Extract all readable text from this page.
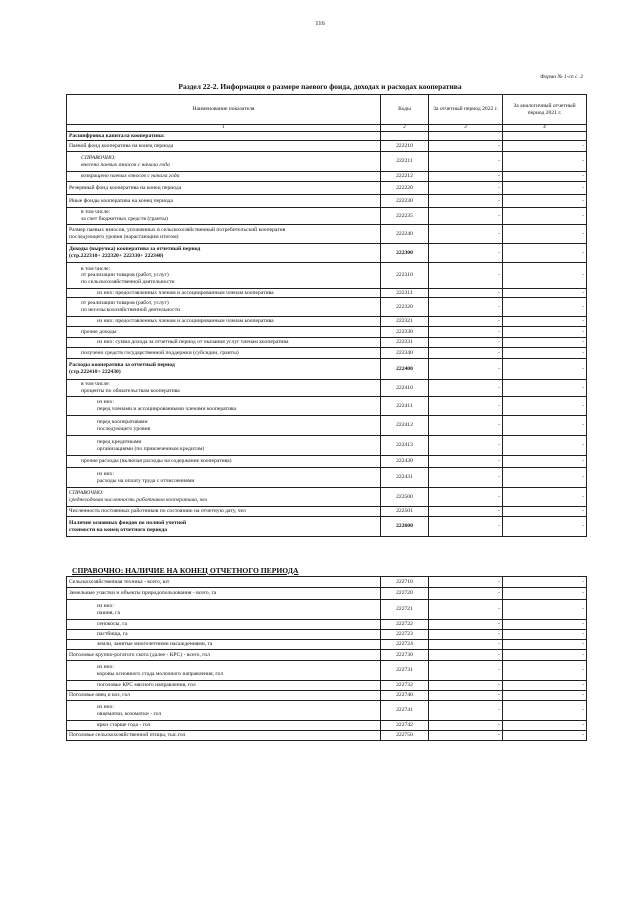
116
Форма № 1-сп с. 2
Раздел 22-2. Информация о размере паевого фонда, доходах и расходах кооператива
Наименование показателя	Коды	За отчетный период 2022 г.	За аналогичный отчетный период 2021 г.
1	2	3	4
Расшифровка капитала кооператива:			
Паевой фонд кооператива на конец периода	222210	-	-

СПРАВОЧНО:
внесено паевых взносов с начала года	222211	-	-
возвращено паевых взносов с начала года	222212	-	-
Резервный фонд кооператива на конец периода	222220	-	-
Иные фонды кооператива на конец периода	222230	-	-

в том числе:
за счет бюджетных средств (гранты)	222235	-	-

Размер паевых взносов, уплаченных в сельскохозяйственный потребительский кооператив
последующего уровня (нарастающим итогом)	222240	-	-

Доходы (выручка) кооператива за отчетный период
(стр.222310+ 222320+ 222330+ 222340)	222300	-	-

в том числе:
от реализации товаров (работ, услуг)
по сельскохозяйственной деятельности	222310	-	-
из них: предоставленных членам и ассоциированным членам кооператива	222311	-	-

от реализации товаров (работ, услуг)
по несельскохозяйственной деятельности	222320	-	-
из них: предоставленных членам и ассоциированным членам кооператива	222321	-	-
прочие доходы	222330	-	-
из них: сумма дохода за отчетный период от оказания услуг членам кооператива	222331	-	-
получено средств государственной поддержки (субсидии, гранты)	222340	-	-

Расходы кооператива за отчетный период
(стр.222410+ 222430)	222400	-	-

в том числе:
проценты по обязательствам кооператива	222410	-	-

из них:
перед членами и ассоциированными членами кооператива	222411	-	-

перед кооперативами
последующего уровня	222412	-	-

перед кредитными
организациями (по привлеченным кредитам)	222413	-	-
прочие расходы (включая расходы на содержание кооператива)	222430	-	-

из них:
расходы на оплату труда с отчислениями	222431	-	-

СПРАВОЧНО:
среднегодовая численность работников кооператива, чел	222500	-	-
Численность постоянных работников по состоянию на отчетную дату, чел	222501	-	-

Наличие основных фондов по полной учетной
стоимости на конец отчетного периода	222600	-	-
СПРАВОЧНО: НАЛИЧИЕ НА КОНЕЦ ОТЧЕТНОГО ПЕРИОДА
Сельскохозяйственная техника - всего, шт	222710	-	-
Земельные участки и объекты природопользования - всего, га	222720	-	-

из них:
пашня, га	222721	-	-
сенокосы, га	222722	-	-
пастбища, га	222723	-	-
земли, занятые многолетними насаждениями, га	222724	-	-
Поголовье крупно-рогатого скота (далее - КРС) - всего, гол	222730	-	-

из них:
коровы основного стада молочного направления, гол	222731	-	-
поголовье КРС мясного направления, гол	222732	-	-
Поголовье овец и коз, гол	222740	-	-

из них:
овцематки, козоматки - гол	222741	-	-
ярки старше года - гол	222742	-	-
Поголовье сельскохозяйственной птицы, тыс.гол	222750	-	-
